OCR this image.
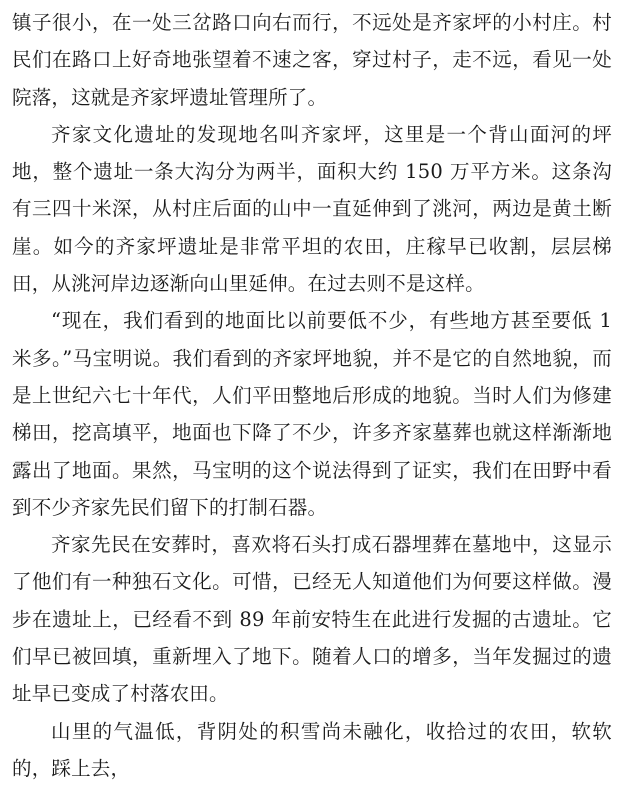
镇子很小，在一处三岔路口向右而行，不远处是齐家坪的小村庄。村民们在路口上好奇地张望着不速之客，穿过村子，走不远，看见一处院落，这就是齐家坪遗址管理所了。

齐家文化遗址的发现地名叫齐家坪，这里是一个背山面河的坪地，整个遗址一条大沟分为两半，面积大约 150 万平方米。这条沟有三四十米深，从村庄后面的山中一直延伸到了洮河，两边是黄土断崖。如今的齐家坪遗址是非常平坦的农田，庄稼早已收割，层层梯田，从洮河岸边逐渐向山里延伸。在过去则不是这样。

“现在，我们看到的地面比以前要低不少，有些地方甚至要低 1 米多。”马宝明说。我们看到的齐家坪地貌，并不是它的自然地貌，而是上世纪六七十年代，人们平田整地后形成的地貌。当时人们为修建梯田，挖高填平，地面也下降了不少，许多齐家墓葬也就这样渐渐地露出了地面。果然，马宝明的这个说法得到了证实，我们在田野中看到不少齐家先民们留下的打制石器。

齐家先民在安葬时，喜欢将石头打成石器埋葬在墓地中，这显示了他们有一种独石文化。可惜，已经无人知道他们为何要这样做。漫步在遗址上，已经看不到 89 年前安特生在此进行发掘的古遗址。它们早已被回填，重新埋入了地下。随着人口的增多，当年发掘过的遗址早已变成了村落农田。

山里的气温低，背阴处的积雪尚未融化，收拾过的农田，软软的，踩上去，
